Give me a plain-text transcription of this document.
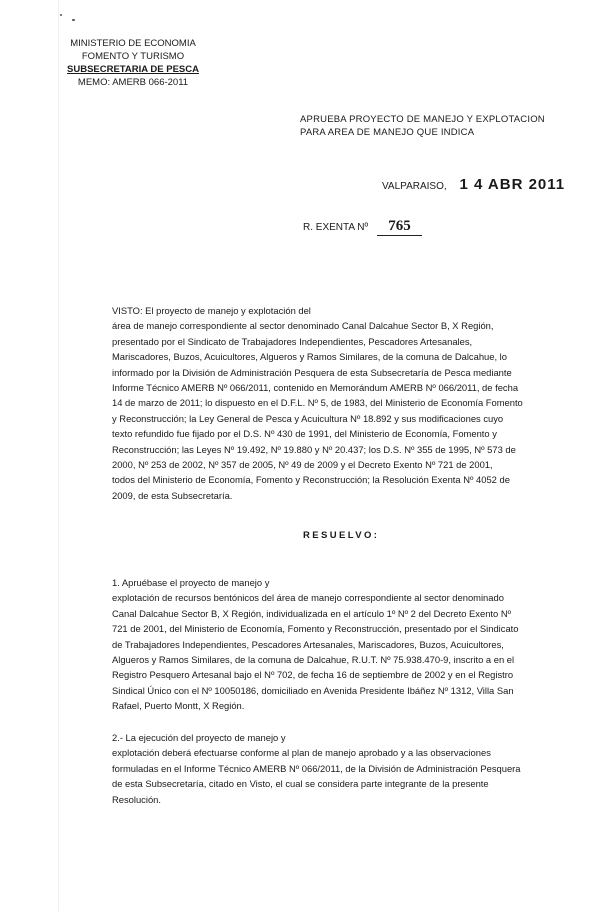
MINISTERIO DE ECONOMIA
FOMENTO Y TURISMO
SUBSECRETARIA DE PESCA
MEMO: AMERB 066-2011
APRUEBA PROYECTO DE MANEJO Y EXPLOTACION
PARA AREA DE MANEJO QUE INDICA
VALPARAISO, 1 4 ABR 2011
R. EXENTA Nº 765
VISTO: El proyecto de manejo y explotación del
área de manejo correspondiente al sector denominado Canal Dalcahue Sector B, X Región,
presentado por el Sindicato de Trabajadores Independientes, Pescadores Artesanales,
Mariscadores, Buzos, Acuicultores, Algueros y Ramos Similares, de la comuna de Dalcahue, lo
informado por la División de Administración Pesquera de esta Subsecretaría de Pesca mediante
Informe Técnico AMERB Nº 066/2011, contenido en Memorándum AMERB Nº 066/2011, de fecha
14 de marzo de 2011; lo dispuesto en el D.F.L. Nº 5, de 1983, del Ministerio de Economía Fomento
y Reconstrucción; la Ley General de Pesca y Acuicultura Nº 18.892 y sus modificaciones cuyo
texto refundido fue fijado por el D.S. Nº 430 de 1991, del Ministerio de Economía, Fomento y
Reconstrucción; las Leyes Nº 19.492, Nº 19.880 y Nº 20.437; los D.S. Nº 355 de 1995, Nº 573 de
2000, Nº 253 de 2002, Nº 357 de 2005, Nº 49 de 2009 y el Decreto Exento Nº 721 de 2001,
todos del Ministerio de Economía, Fomento y Reconstrucción; la Resolución Exenta Nº 4052 de
2009, de esta Subsecretaría.
RESUELVO:
1. Apruébase el proyecto de manejo y
explotación de recursos bentónicos del área de manejo correspondiente al sector denominado
Canal Dalcahue Sector B, X Región, individualizada en el artículo 1º Nº 2 del Decreto Exento Nº
721 de 2001, del Ministerio de Economía, Fomento y Reconstrucción, presentado por el Sindicato
de Trabajadores Independientes, Pescadores Artesanales, Mariscadores, Buzos, Acuicultores,
Algueros y Ramos Similares, de la comuna de Dalcahue, R.U.T. Nº 75.938.470-9, inscrito a en el
Registro Pesquero Artesanal bajo el Nº 702, de fecha 16 de septiembre de 2002 y en el Registro
Sindical Único con el Nº 10050186, domiciliado en Avenida Presidente Ibáñez Nº 1312, Villa San
Rafael, Puerto Montt, X Región.
2.- La ejecución del proyecto de manejo y
explotación deberá efectuarse conforme al plan de manejo aprobado y a las observaciones
formuladas en el Informe Técnico AMERB Nº 066/2011, de la División de Administración Pesquera
de esta Subsecretaría, citado en Visto, el cual se considera parte integrante de la presente
Resolución.
